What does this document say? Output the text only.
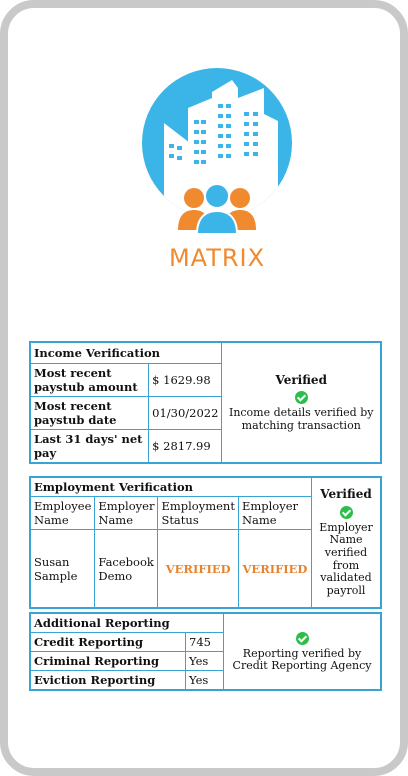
MATRIX
Income Verification		Verified
Income details verified by matching transaction

Most recent paystub amount	$ 1629.98	
Most recent paystub date	01/30/2022	
Last 31 days' net pay	$ 2817.99	
Employment Verification				Verified
Employer Name verified from validated payroll

Employee Name	Employer Name	Employment Status	Employer Name	
Susan Sample	Facebook Demo	VERIFIED	VERIFIED	
Additional Reporting		Reporting verified by Credit Reporting Agency

Credit Reporting	745	
Criminal Reporting	Yes	
Eviction Reporting	Yes	
